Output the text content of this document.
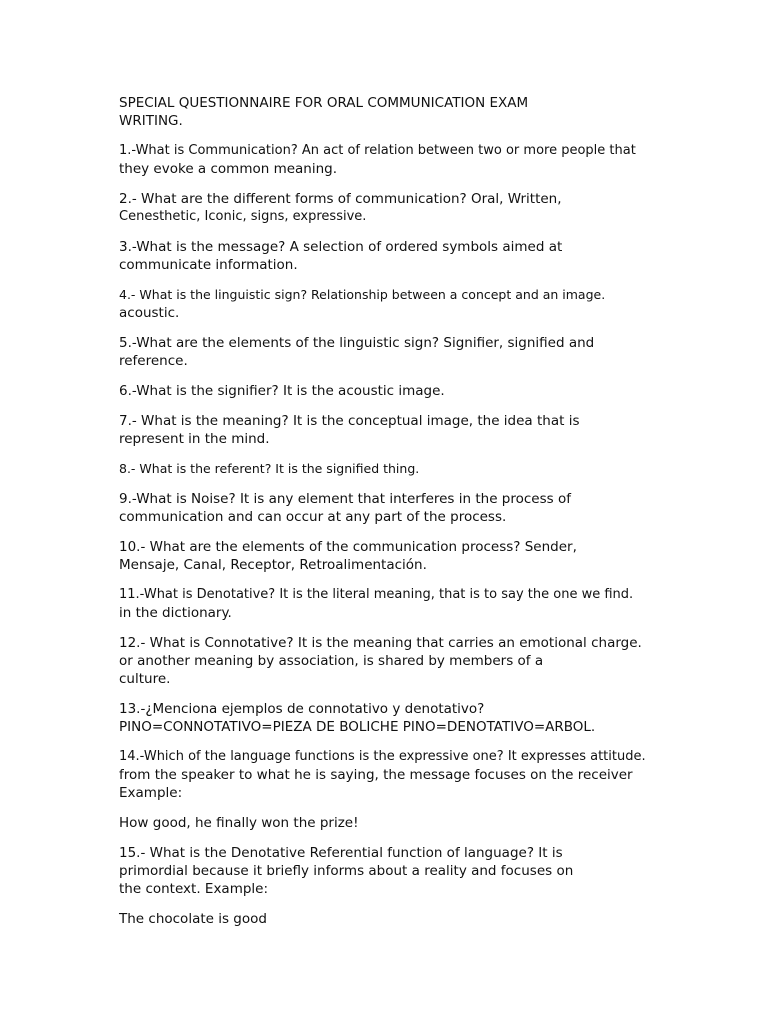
SPECIAL QUESTIONNAIRE FOR ORAL COMMUNICATION EXAM
WRITING.
1.-What is Communication? An act of relation between two or more people that
they evoke a common meaning.
2.- What are the different forms of communication? Oral, Written,
Cenesthetic, Iconic, signs, expressive.
3.-What is the message? A selection of ordered symbols aimed at
communicate information.
4.- What is the linguistic sign? Relationship between a concept and an image.
acoustic.
5.-What are the elements of the linguistic sign? Signifier, signified and
reference.
6.-What is the signifier? It is the acoustic image.
7.- What is the meaning? It is the conceptual image, the idea that is
represent in the mind.
8.- What is the referent? It is the signified thing.
9.-What is Noise? It is any element that interferes in the process of
communication and can occur at any part of the process.
10.- What are the elements of the communication process? Sender,
Mensaje, Canal, Receptor, Retroalimentación.
11.-What is Denotative? It is the literal meaning, that is to say the one we find.
in the dictionary.
12.- What is Connotative? It is the meaning that carries an emotional charge.
or another meaning by association, is shared by members of a
culture.
13.-¿Menciona ejemplos de connotativo y denotativo?
PINO=CONNOTATIVO=PIEZA DE BOLICHE PINO=DENOTATIVO=ARBOL.
14.-Which of the language functions is the expressive one? It expresses attitude.
from the speaker to what he is saying, the message focuses on the receiver
Example:
How good, he finally won the prize!
15.- What is the Denotative Referential function of language? It is
primordial because it briefly informs about a reality and focuses on
the context. Example:
The chocolate is good
